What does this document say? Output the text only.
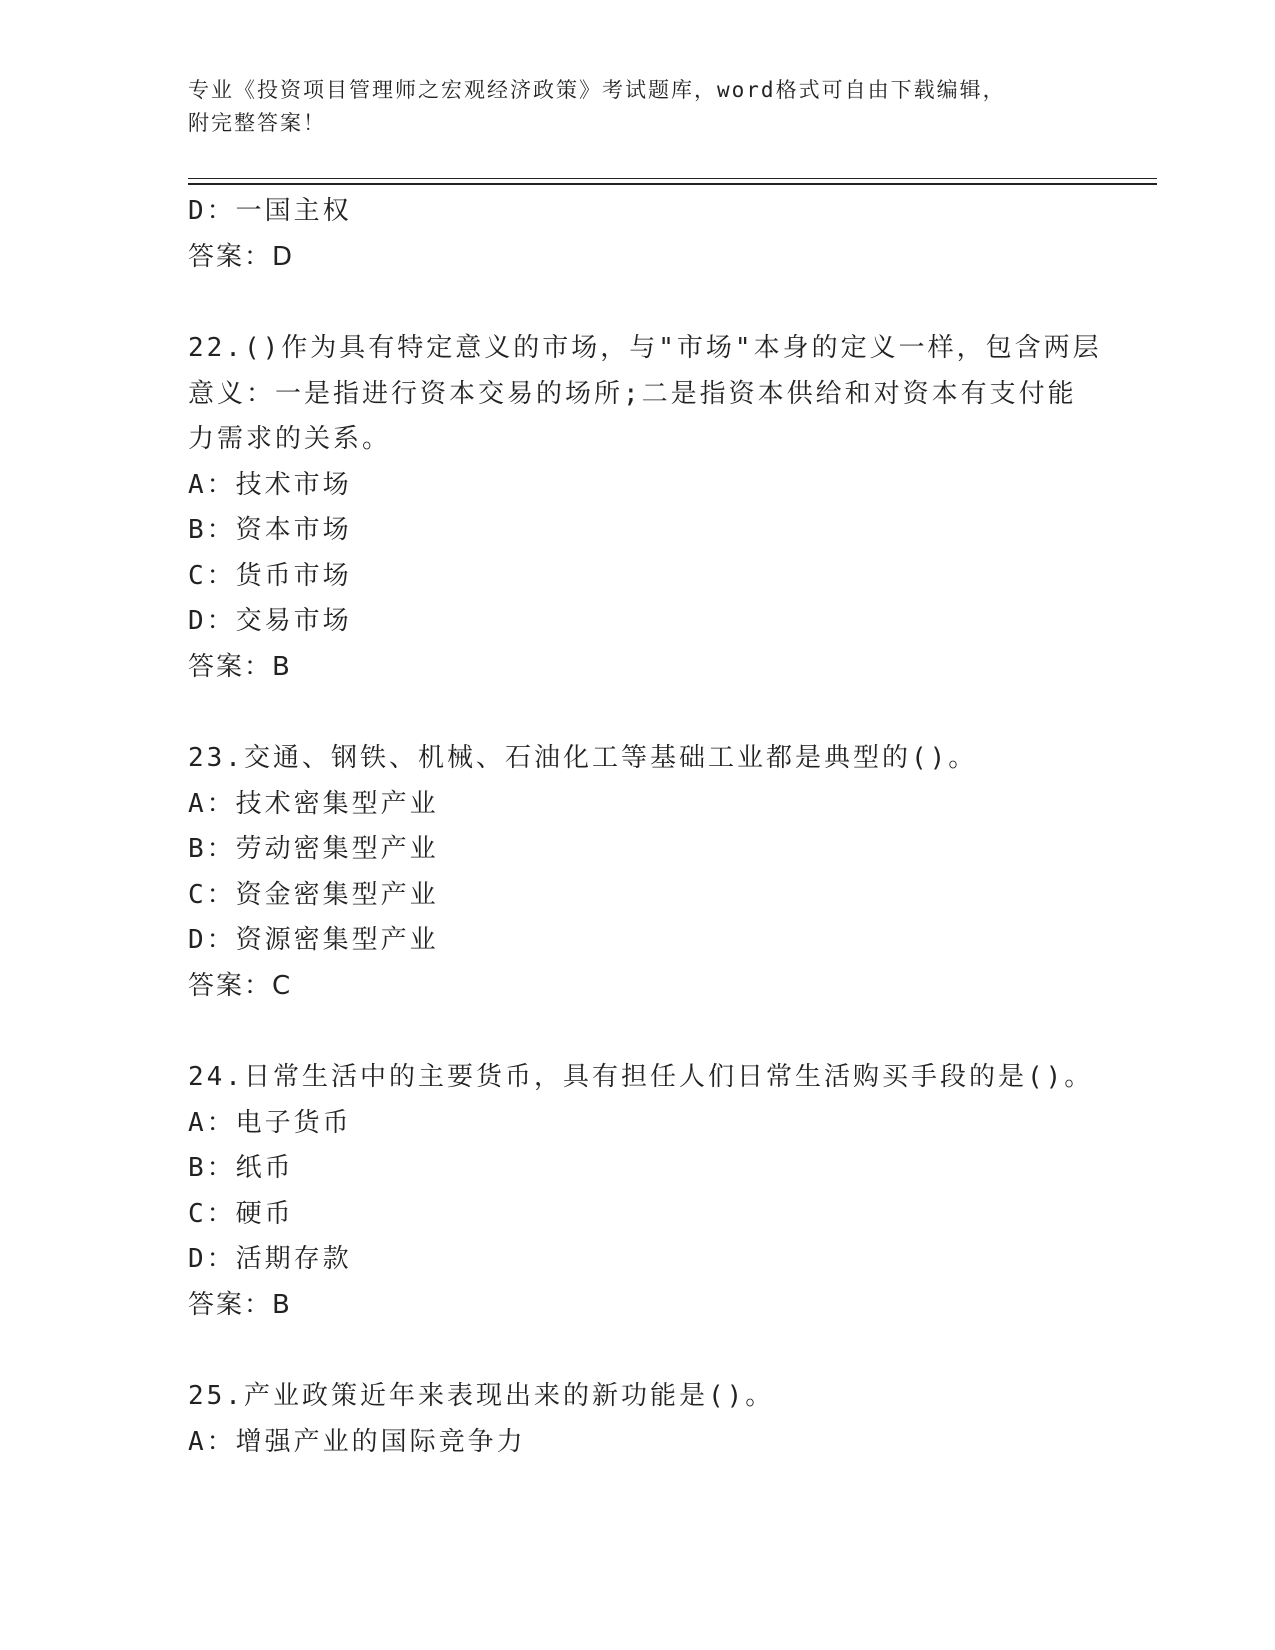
专业《投资项目管理师之宏观经济政策》考试题库，word格式可自由下载编辑，
附完整答案！
D：一国主权
答案：D
22.()作为具有特定意义的市场，与"市场"本身的定义一样，包含两层
意义：一是指进行资本交易的场所;二是指资本供给和对资本有支付能
力需求的关系。
A：技术市场
B：资本市场
C：货币市场
D：交易市场
答案：B
23.交通、钢铁、机械、石油化工等基础工业都是典型的()。
A：技术密集型产业
B：劳动密集型产业
C：资金密集型产业
D：资源密集型产业
答案：C
24.日常生活中的主要货币，具有担任人们日常生活购买手段的是()。
A：电子货币
B：纸币
C：硬币
D：活期存款
答案：B
25.产业政策近年来表现出来的新功能是()。
A：增强产业的国际竞争力
